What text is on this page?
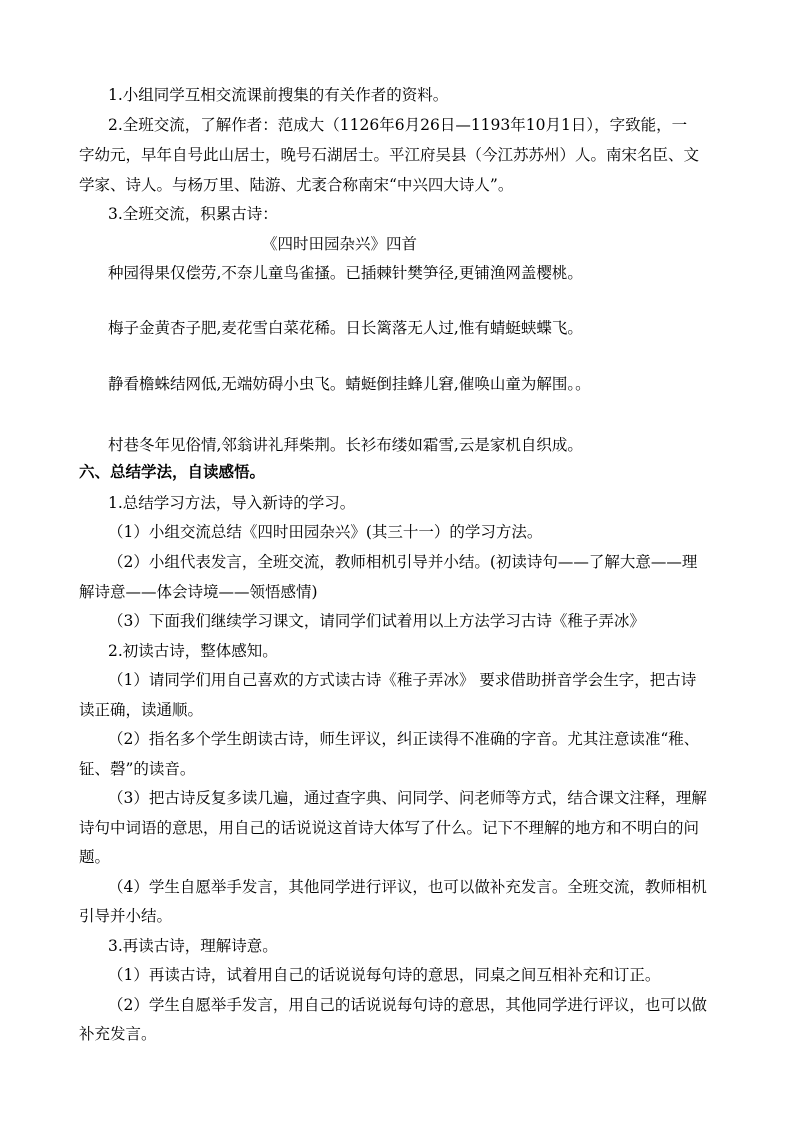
1.小组同学互相交流课前搜集的有关作者的资料。
2.全班交流，了解作者：范成大（1126年6月26日—1193年10月1日），字致能，一
字幼元，早年自号此山居士，晚号石湖居士。平江府吴县（今江苏苏州）人。南宋名臣、文
学家、诗人。与杨万里、陆游、尤袤合称南宋“中兴四大诗人”。
3.全班交流，积累古诗：
《四时田园杂兴》四首
种园得果仅偿劳,不奈儿童鸟雀搔。已插棘针樊笋径,更铺渔网盖樱桃。
梅子金黄杏子肥,麦花雪白菜花稀。日长篱落无人过,惟有蜻蜓蛱蝶飞。
静看檐蛛结网低,无端妨碍小虫飞。蜻蜓倒挂蜂儿窘,催唤山童为解围。。
村巷冬年见俗情,邻翁讲礼拜柴荆。长衫布缕如霜雪,云是家机自织成。
六、总结学法，自读感悟。
1.总结学习方法，导入新诗的学习。
（1）小组交流总结《四时田园杂兴》(其三十一）的学习方法。
（2）小组代表发言，全班交流，教师相机引导并小结。(初读诗句——了解大意——理
解诗意——体会诗境——领悟感情)
（3）下面我们继续学习课文，请同学们试着用以上方法学习古诗《稚子弄冰》
2.初读古诗，整体感知。
（1）请同学们用自己喜欢的方式读古诗《稚子弄冰》 要求借助拼音学会生字，把古诗
读正确，读通顺。
（2）指名多个学生朗读古诗，师生评议，纠正读得不准确的字音。尤其注意读准“稚、
钲、磬”的读音。
（3）把古诗反复多读几遍，通过查字典、问同学、问老师等方式，结合课文注释，理解
诗句中词语的意思，用自己的话说说这首诗大体写了什么。记下不理解的地方和不明白的问
题。
（4）学生自愿举手发言，其他同学进行评议，也可以做补充发言。全班交流，教师相机
引导并小结。
3.再读古诗，理解诗意。
（1）再读古诗，试着用自己的话说说每句诗的意思，同桌之间互相补充和订正。
（2）学生自愿举手发言，用自己的话说说每句诗的意思，其他同学进行评议，也可以做
补充发言。
